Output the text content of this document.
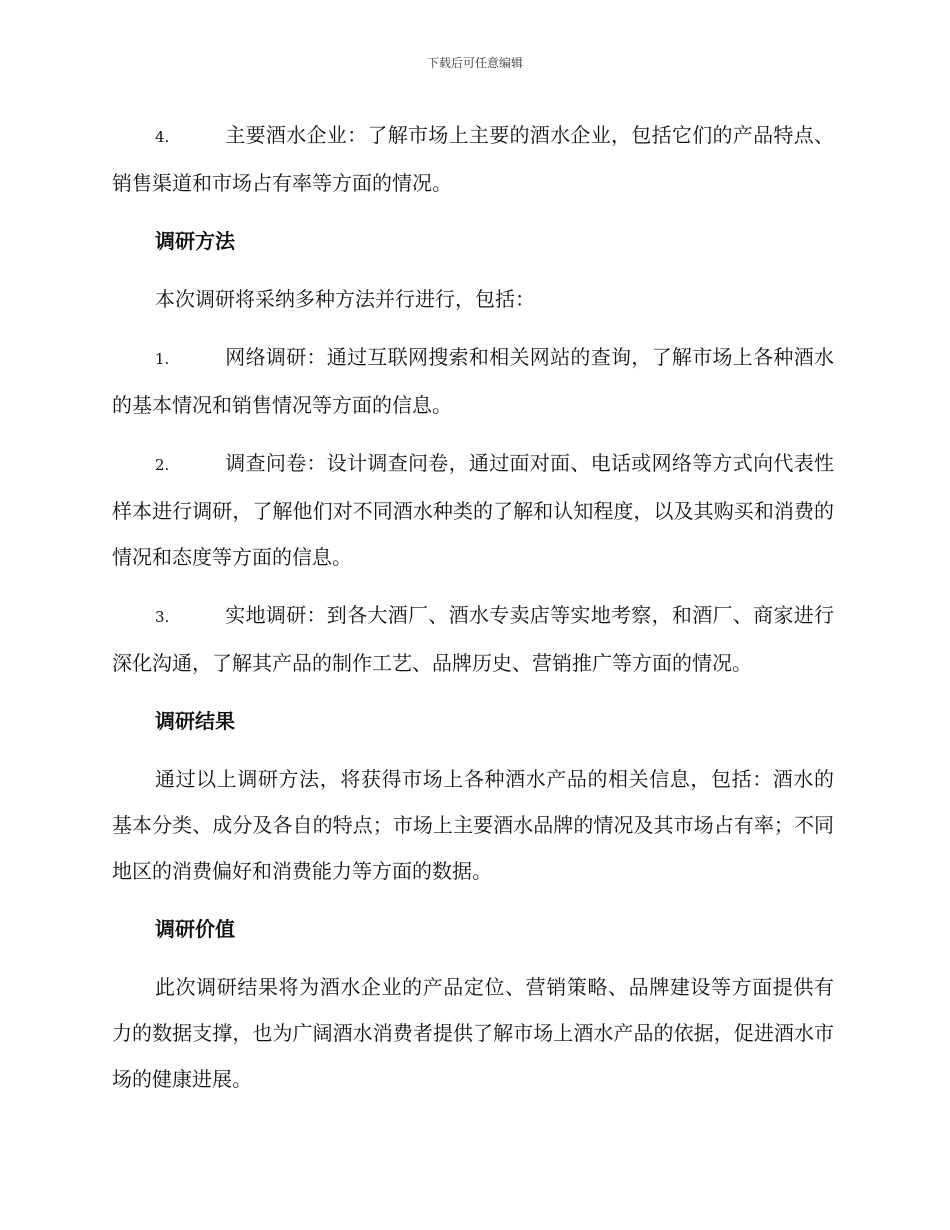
下载后可任意编辑

4.	主要酒水企业：了解市场上主要的酒水企业，包括它们的产品特点、销售渠道和市场占有率等方面的情况。

调研方法

本次调研将采纳多种方法并行进行，包括：

1.	网络调研：通过互联网搜索和相关网站的查询，了解市场上各种酒水的基本情况和销售情况等方面的信息。

2.	调查问卷：设计调查问卷，通过面对面、电话或网络等方式向代表性样本进行调研，了解他们对不同酒水种类的了解和认知程度，以及其购买和消费的情况和态度等方面的信息。

3.	实地调研：到各大酒厂、酒水专卖店等实地考察，和酒厂、商家进行深化沟通，了解其产品的制作工艺、品牌历史、营销推广等方面的情况。

调研结果

通过以上调研方法，将获得市场上各种酒水产品的相关信息，包括：酒水的基本分类、成分及各自的特点；市场上主要酒水品牌的情况及其市场占有率；不同地区的消费偏好和消费能力等方面的数据。

调研价值

此次调研结果将为酒水企业的产品定位、营销策略、品牌建设等方面提供有力的数据支撑，也为广阔酒水消费者提供了解市场上酒水产品的依据，促进酒水市场的健康进展。
